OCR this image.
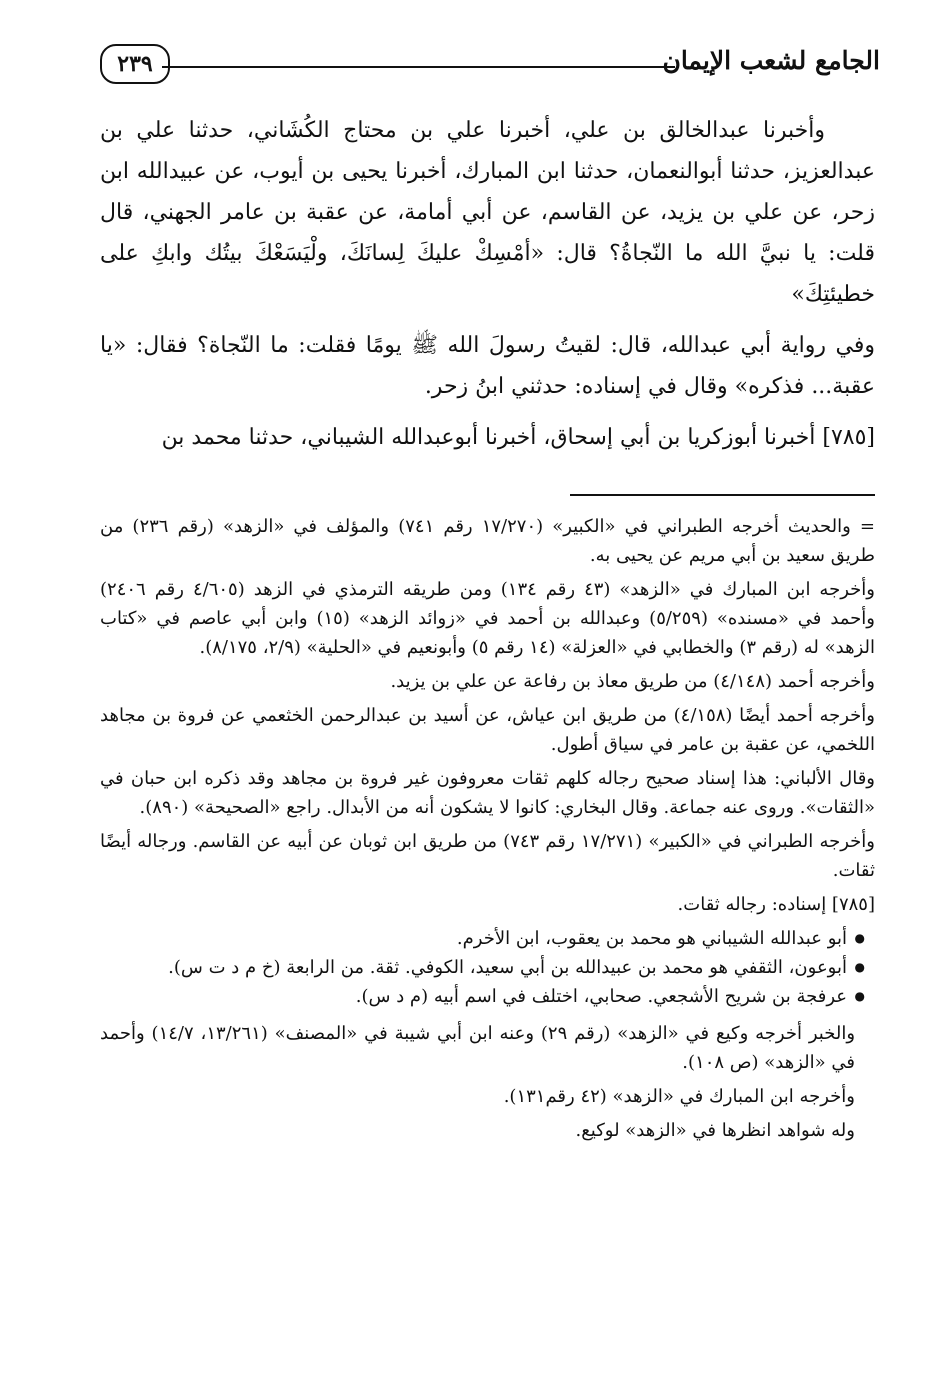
الجامع لشعب الإيمان
٢٣٩

وأخبرنا عبدالخالق بن علي، أخبرنا علي بن محتاج الكُشَاني، حدثنا علي بن عبدالعزيز، حدثنا أبوالنعمان، حدثنا ابن المبارك، أخبرنا يحيى بن أيوب، عن عبيدالله ابن زحر، عن علي بن يزيد، عن القاسم، عن أبي أمامة، عن عقبة بن عامر الجهني، قال قلت: يا نبيَّ الله ما النّجاةُ؟ قال: «أمْسِكْ عليكَ لِسانَكَ، ولْيَسَعْكَ بيتُك وابكِ على خطيئتِكَ»

وفي رواية أبي عبدالله، قال: لقيتُ رسولَ الله ﷺ يومًا فقلت: ما النّجاة؟ فقال: «يا عقبة... فذكره» وقال في إسناده: حدثني ابنُ زحر.

[٧٨٥] أخبرنا أبوزكريا بن أبي إسحاق، أخبرنا أبوعبدالله الشيباني، حدثنا محمد بن

= والحديث أخرجه الطبراني في «الكبير» (١٧/٢٧٠ رقم ٧٤١) والمؤلف في «الزهد» (رقم ٢٣٦) من طريق سعيد بن أبي مريم عن يحيى به.

وأخرجه ابن المبارك في «الزهد» (٤٣ رقم ١٣٤) ومن طريقه الترمذي في الزهد (٤/٦٠٥ رقم ٢٤٠٦) وأحمد في «مسنده» (٥/٢٥٩) وعبدالله بن أحمد في «زوائد الزهد» (١٥) وابن أبي عاصم في «كتاب الزهد» له (رقم ٣) والخطابي في «العزلة» (١٤ رقم ٥) وأبونعيم في «الحلية» (٢/٩، ٨/١٧٥).

وأخرجه أحمد (٤/١٤٨) من طريق معاذ بن رفاعة عن علي بن يزيد.

وأخرجه أحمد أيضًا (٤/١٥٨) من طريق ابن عياش، عن أسيد بن عبدالرحمن الخثعمي عن فروة بن مجاهد اللخمي، عن عقبة بن عامر في سياق أطول.

وقال الألباني: هذا إسناد صحيح رجاله كلهم ثقات معروفون غير فروة بن مجاهد وقد ذكره ابن حبان في «الثقات». وروى عنه جماعة. وقال البخاري: كانوا لا يشكون أنه من الأبدال. راجع «الصحيحة» (٨٩٠).

وأخرجه الطبراني في «الكبير» (١٧/٢٧١ رقم ٧٤٣) من طريق ابن ثوبان عن أبيه عن القاسم. ورجاله أيضًا ثقات.

[٧٨٥] إسناده: رجاله ثقات.

● أبو عبدالله الشيباني هو محمد بن يعقوب، ابن الأخرم.
● أبوعون، الثقفي هو محمد بن عبيدالله بن أبي سعيد، الكوفي. ثقة. من الرابعة (خ م د ت س).
● عرفجة بن شريح الأشجعي. صحابي، اختلف في اسم أبيه (م د س).

والخبر أخرجه وكيع في «الزهد» (رقم ٢٩) وعنه ابن أبي شيبة في «المصنف» (١٣/٢٦١، ١٤/٧) وأحمد في «الزهد» (ص ١٠٨).

وأخرجه ابن المبارك في «الزهد» (٤٢ رقم١٣١).

وله شواهد انظرها في «الزهد» لوكيع.
